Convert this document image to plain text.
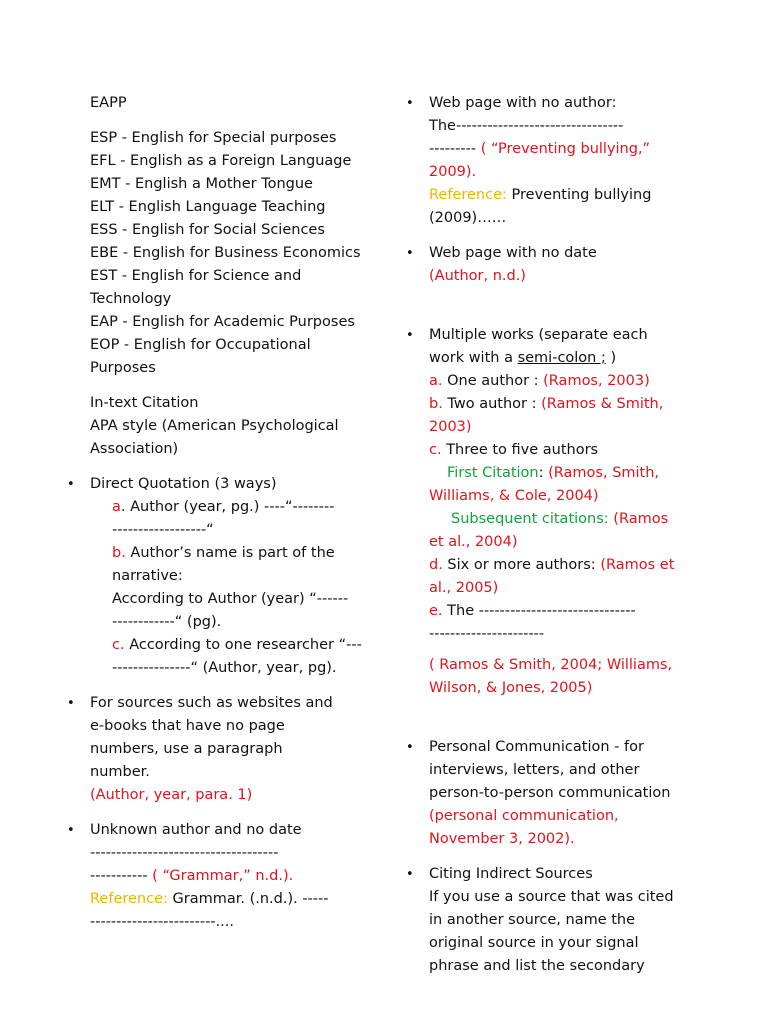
EAPP
ESP - English for Special purposes
EFL - English as a Foreign Language
EMT - English a Mother Tongue
ELT - English Language Teaching
ESS - English for Social Sciences
EBE - English for Business Economics
EST - English for Science and
Technology
EAP - English for Academic Purposes
EOP - English for Occupational
Purposes
In-text Citation
APA style (American Psychological
Association)
• Direct Quotation (3 ways)
a. Author (year, pg.) ----“--------
------------------“
b. Author’s name is part of the
narrative:
According to Author (year) “------
------------“ (pg).
c. According to one researcher “---
---------------“ (Author, year, pg).
• For sources such as websites and
e-books that have no page
numbers, use a paragraph
number.
(Author, year, para. 1)
• Unknown author and no date
------------------------------------
----------- ( “Grammar,” n.d.).
Reference: Grammar. (.n.d.). -----
------------------------....
• Web page with no author:
The--------------------------------
--------- ( “Preventing bullying,”
2009).
Reference: Preventing bullying
(2009)……
• Web page with no date
(Author, n.d.)
• Multiple works (separate each
work with a semi-colon ; )
a. One author : (Ramos, 2003)
b. Two author : (Ramos & Smith,
2003)
c. Three to five authors
First Citation: (Ramos, Smith,
Williams, & Cole, 2004)
Subsequent citations: (Ramos
et al., 2004)
d. Six or more authors: (Ramos et
al., 2005)
e. The ------------------------------
----------------------
( Ramos & Smith, 2004; Williams,
Wilson, & Jones, 2005)
• Personal Communication - for
interviews, letters, and other
person-to-person communication
(personal communication,
November 3, 2002).
• Citing Indirect Sources
If you use a source that was cited
in another source, name the
original source in your signal
phrase and list the secondary
